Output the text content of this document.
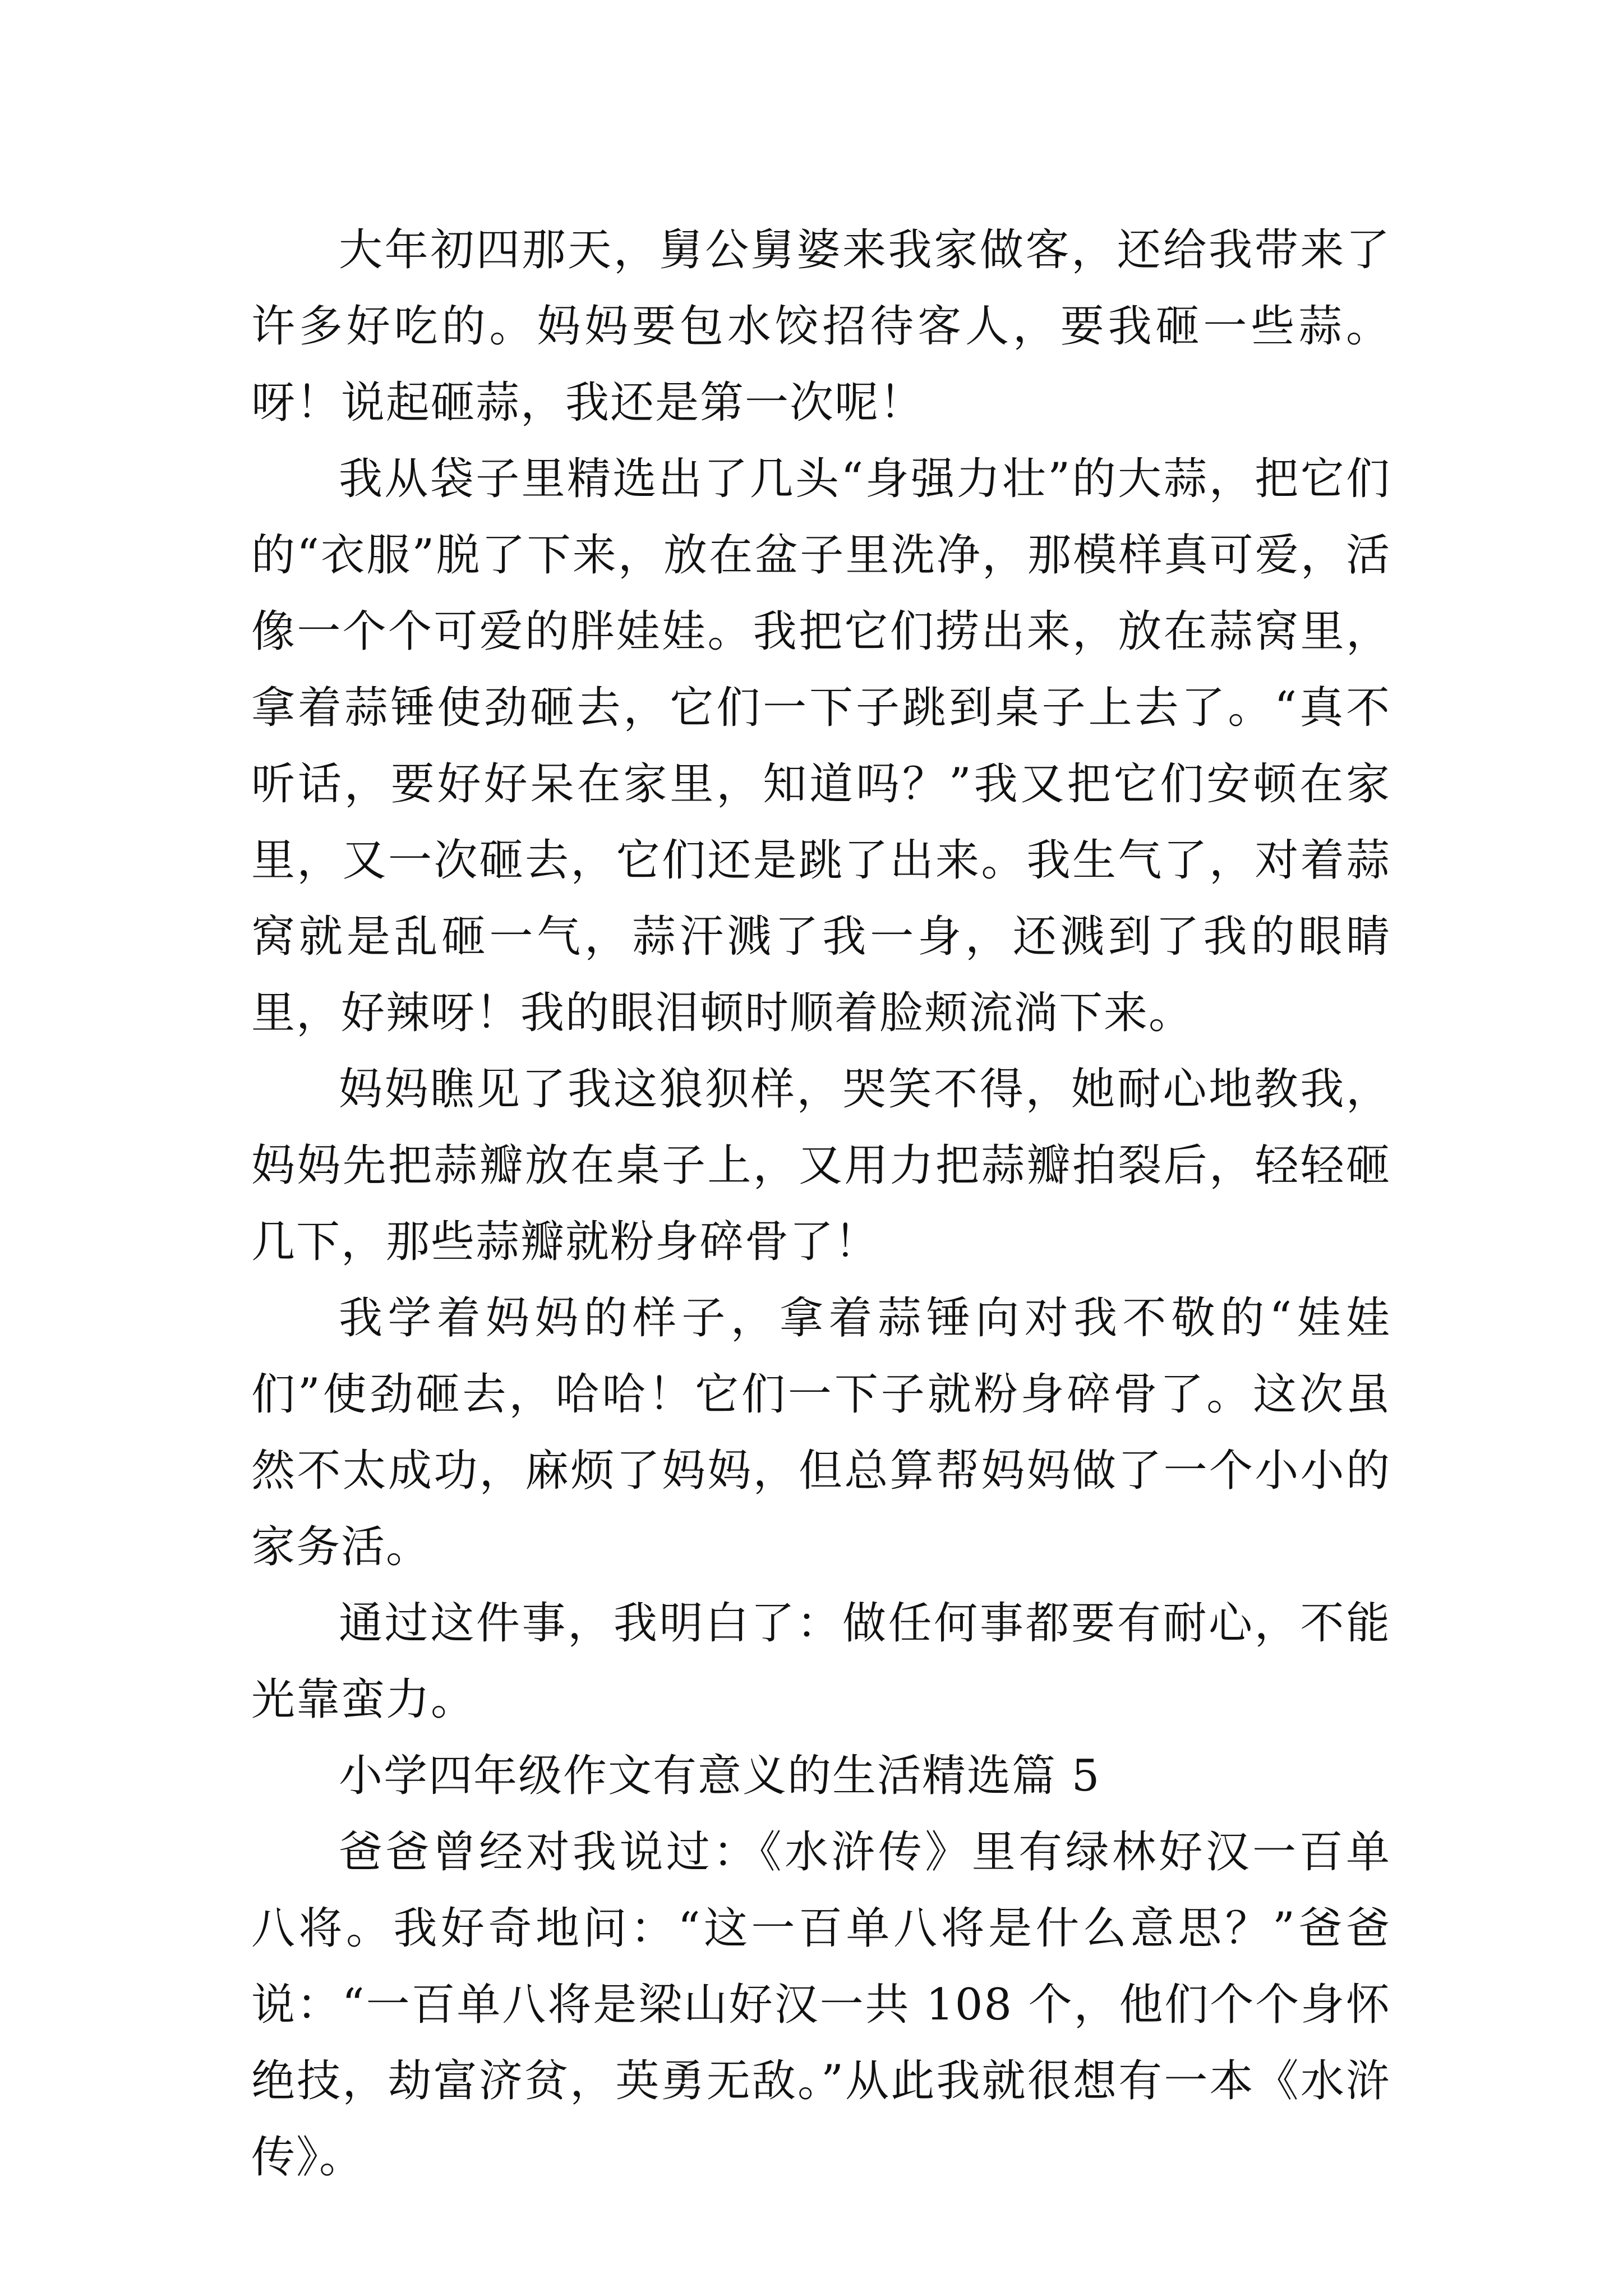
大年初四那天，舅公舅婆来我家做客，还给我带来了许多好吃的。妈妈要包水饺招待客人，要我砸一些蒜。呀！说起砸蒜，我还是第一次呢！

我从袋子里精选出了几头“身强力壮”的大蒜，把它们的“衣服”脱了下来，放在盆子里洗净，那模样真可爱，活像一个个可爱的胖娃娃。我把它们捞出来，放在蒜窝里，拿着蒜锤使劲砸去，它们一下子跳到桌子上去了。“真不听话，要好好呆在家里，知道吗？”我又把它们安顿在家里，又一次砸去，它们还是跳了出来。我生气了，对着蒜窝就是乱砸一气，蒜汗溅了我一身，还溅到了我的眼睛里，好辣呀！我的眼泪顿时顺着脸颊流淌下来。

妈妈瞧见了我这狼狈样，哭笑不得，她耐心地教我，妈妈先把蒜瓣放在桌子上，又用力把蒜瓣拍裂后，轻轻砸几下，那些蒜瓣就粉身碎骨了！

我学着妈妈的样子，拿着蒜锤向对我不敬的“娃娃们”使劲砸去，哈哈！它们一下子就粉身碎骨了。这次虽然不太成功，麻烦了妈妈，但总算帮妈妈做了一个小小的家务活。

通过这件事，我明白了：做任何事都要有耐心，不能光靠蛮力。

小学四年级作文有意义的生活精选篇 5

爸爸曾经对我说过：《水浒传》里有绿林好汉一百单八将。我好奇地问：“这一百单八将是什么意思？”爸爸说：“一百单八将是梁山好汉一共 108 个，他们个个身怀绝技，劫富济贫，英勇无敌。”从此我就很想有一本《水浒传》。
